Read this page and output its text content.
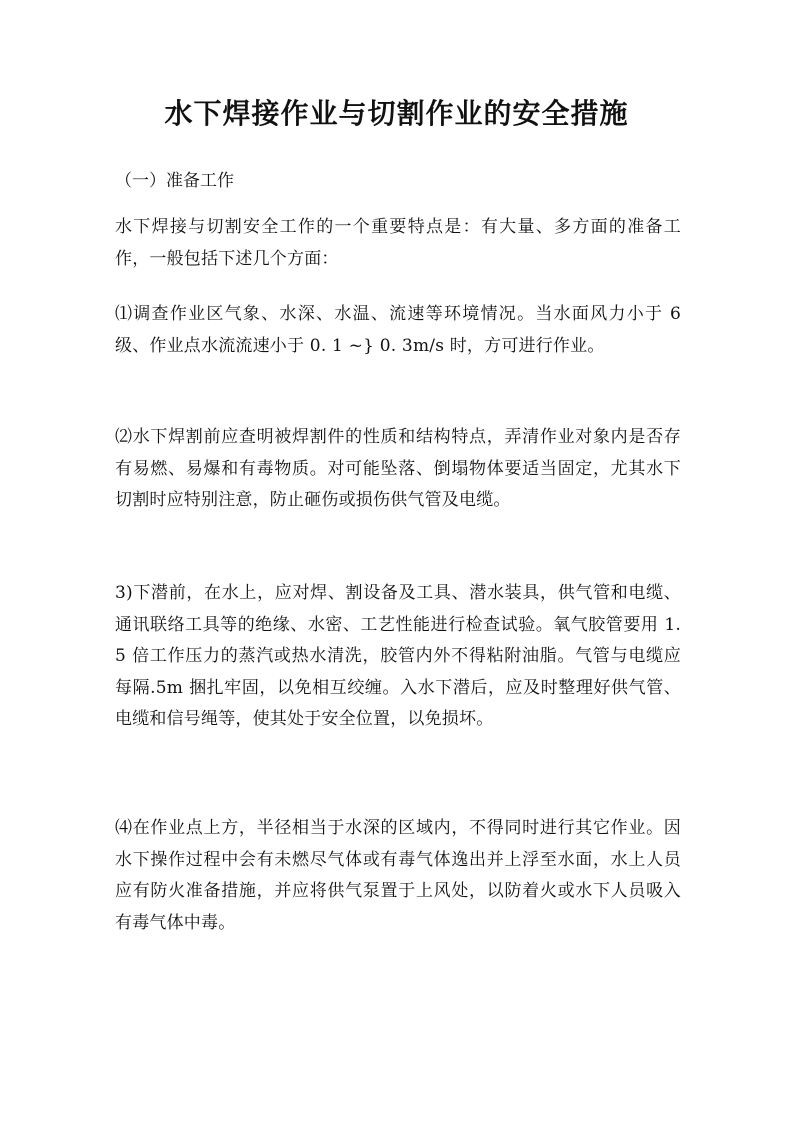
水下焊接作业与切割作业的安全措施

（一）准备工作

水下焊接与切割安全工作的一个重要特点是：有大量、多方面的准备工作，一般包括下述几个方面：

⑴调查作业区气象、水深、水温、流速等环境情况。当水面风力小于 6 级、作业点水流流速小于 0. 1 ~} 0. 3m/s 时，方可进行作业。

⑵水下焊割前应查明被焊割件的性质和结构特点，弄清作业对象内是否存有易燃、易爆和有毒物质。对可能坠落、倒塌物体要适当固定，尤其水下切割时应特别注意，防止砸伤或损伤供气管及电缆。

3)下潜前，在水上，应对焊、割设备及工具、潜水装具，供气管和电缆、通讯联络工具等的绝缘、水密、工艺性能进行检查试验。氧气胶管要用 1. 5 倍工作压力的蒸汽或热水清洗，胶管内外不得粘附油脂。气管与电缆应每隔.5m 捆扎牢固，以免相互绞缠。入水下潜后，应及时整理好供气管、电缆和信号绳等，使其处于安全位置，以免损坏。

⑷在作业点上方，半径相当于水深的区域内，不得同时进行其它作业。因水下操作过程中会有未燃尽气体或有毒气体逸出并上浮至水面，水上人员应有防火准备措施，并应将供气泵置于上风处，以防着火或水下人员吸入有毒气体中毒。
